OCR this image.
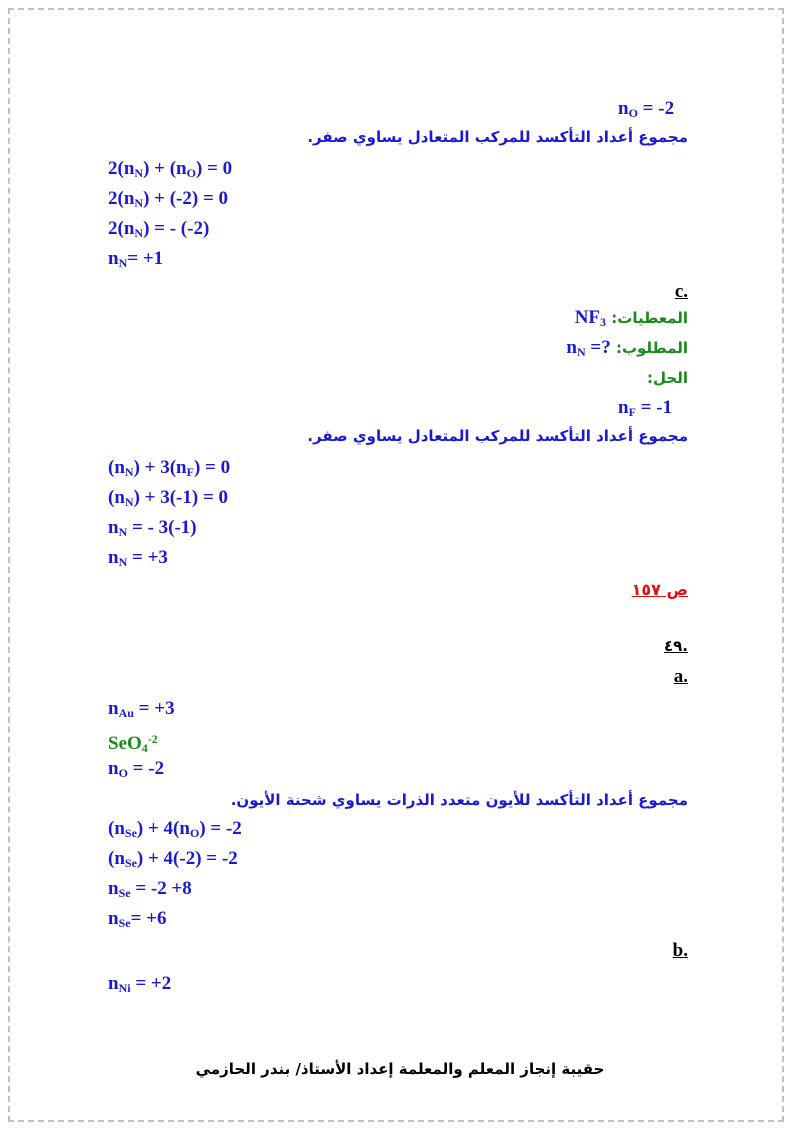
$n_O = -2$
مجموع أعداد التأكسد للمركب المتعادل يساوي صفر.
$2(n_N) + (n_O) = 0$
$2(n_N) + (-2) = 0$
$2(n_N)$ = - (-2)
$n_N= +1$
.c
المعطيات: $NF_3$
المطلوب: $n_N$ =?
الحل:
$n_F = -1$
مجموع أعداد التأكسد للمركب المتعادل يساوي صفر.
$(n_N) + 3(n_F) = 0$
$(n_N) + 3(-1) = 0$
$n_N$ = - 3(-1)
$n_N = +3$
ص ١٥٧
.٤٩
.a
$n_{Au} = +3$
SeO$_4^{-2}$
$n_O = -2$
مجموع أعداد التأكسد للأيون متعدد الذرات يساوي شحنة الأيون.
$(n_{Se}) + 4(n_O) = -2$
$(n_{Se}) + 4(-2) = -2$
$n_{Se} = -2 +8$
$n_{Se}= +6$
.b
$n_{Ni} = +2$
حقيبة إنجاز المعلم والمعلمة إعداد الأستاذ/ بندر الحازمي
